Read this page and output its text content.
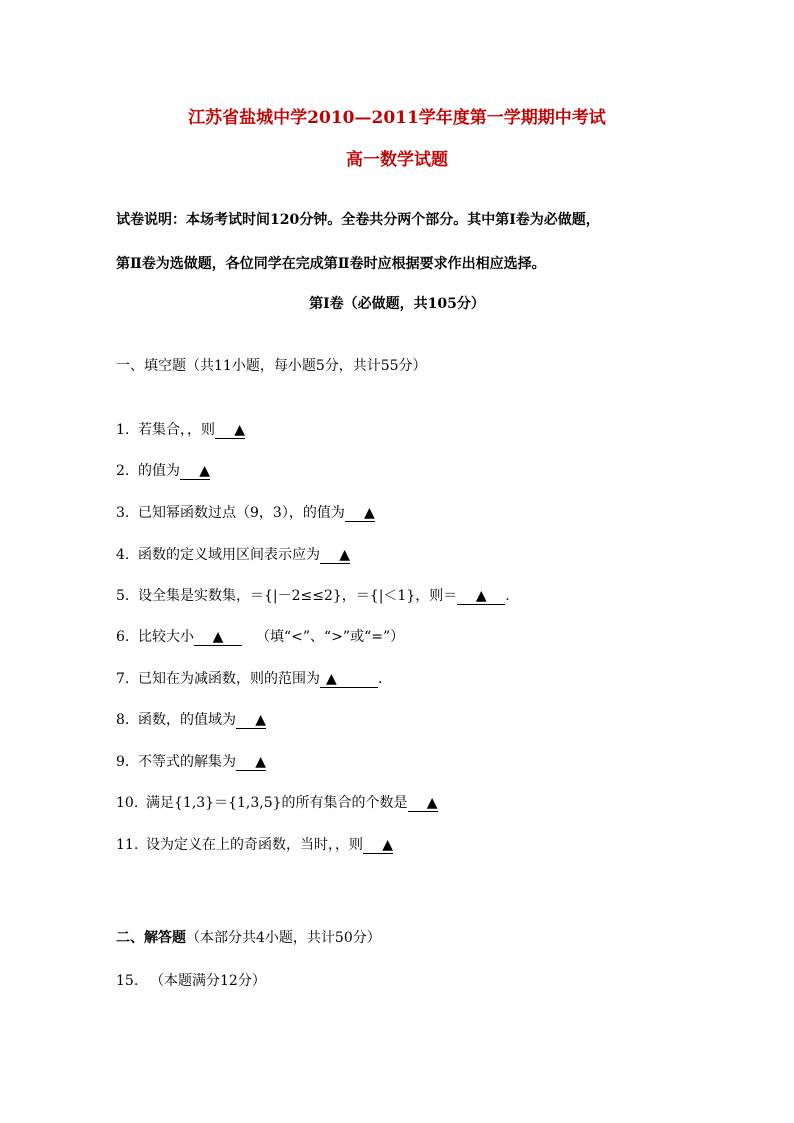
江苏省盐城中学2010—2011学年度第一学期期中考试
高一数学试题
试卷说明：本场考试时间120分钟。全卷共分两个部分。其中第Ⅰ卷为必做题，
第Ⅱ卷为选做题，各位同学在完成第Ⅱ卷时应根据要求作出相应选择。
第Ⅰ卷（必做题，共105分）
一、填空题（共11小题，每小题5分，共计55分）
1. 若集合，，则 ▲
2. 的值为 ▲
3. 已知幂函数过点（9，3），的值为 ▲
4. 函数的定义域用区间表示应为 ▲
5. 设全集是实数集，＝{|－2≤≤2}，＝{|＜1}，则＝ ▲ .
6. 比较大小 ▲ （填“<”、“>”或“=”）
7. 已知在为减函数，则的范围为 ▲	.
8. 函数，的值域为 ▲
9. 不等式的解集为 ▲
10. 满足{1,3}＝{1,3,5}的所有集合的个数是 ▲
11. 设为定义在上的奇函数，当时，，则 ▲
二、解答题（本部分共4小题，共计50分）
15. （本题满分12分）
